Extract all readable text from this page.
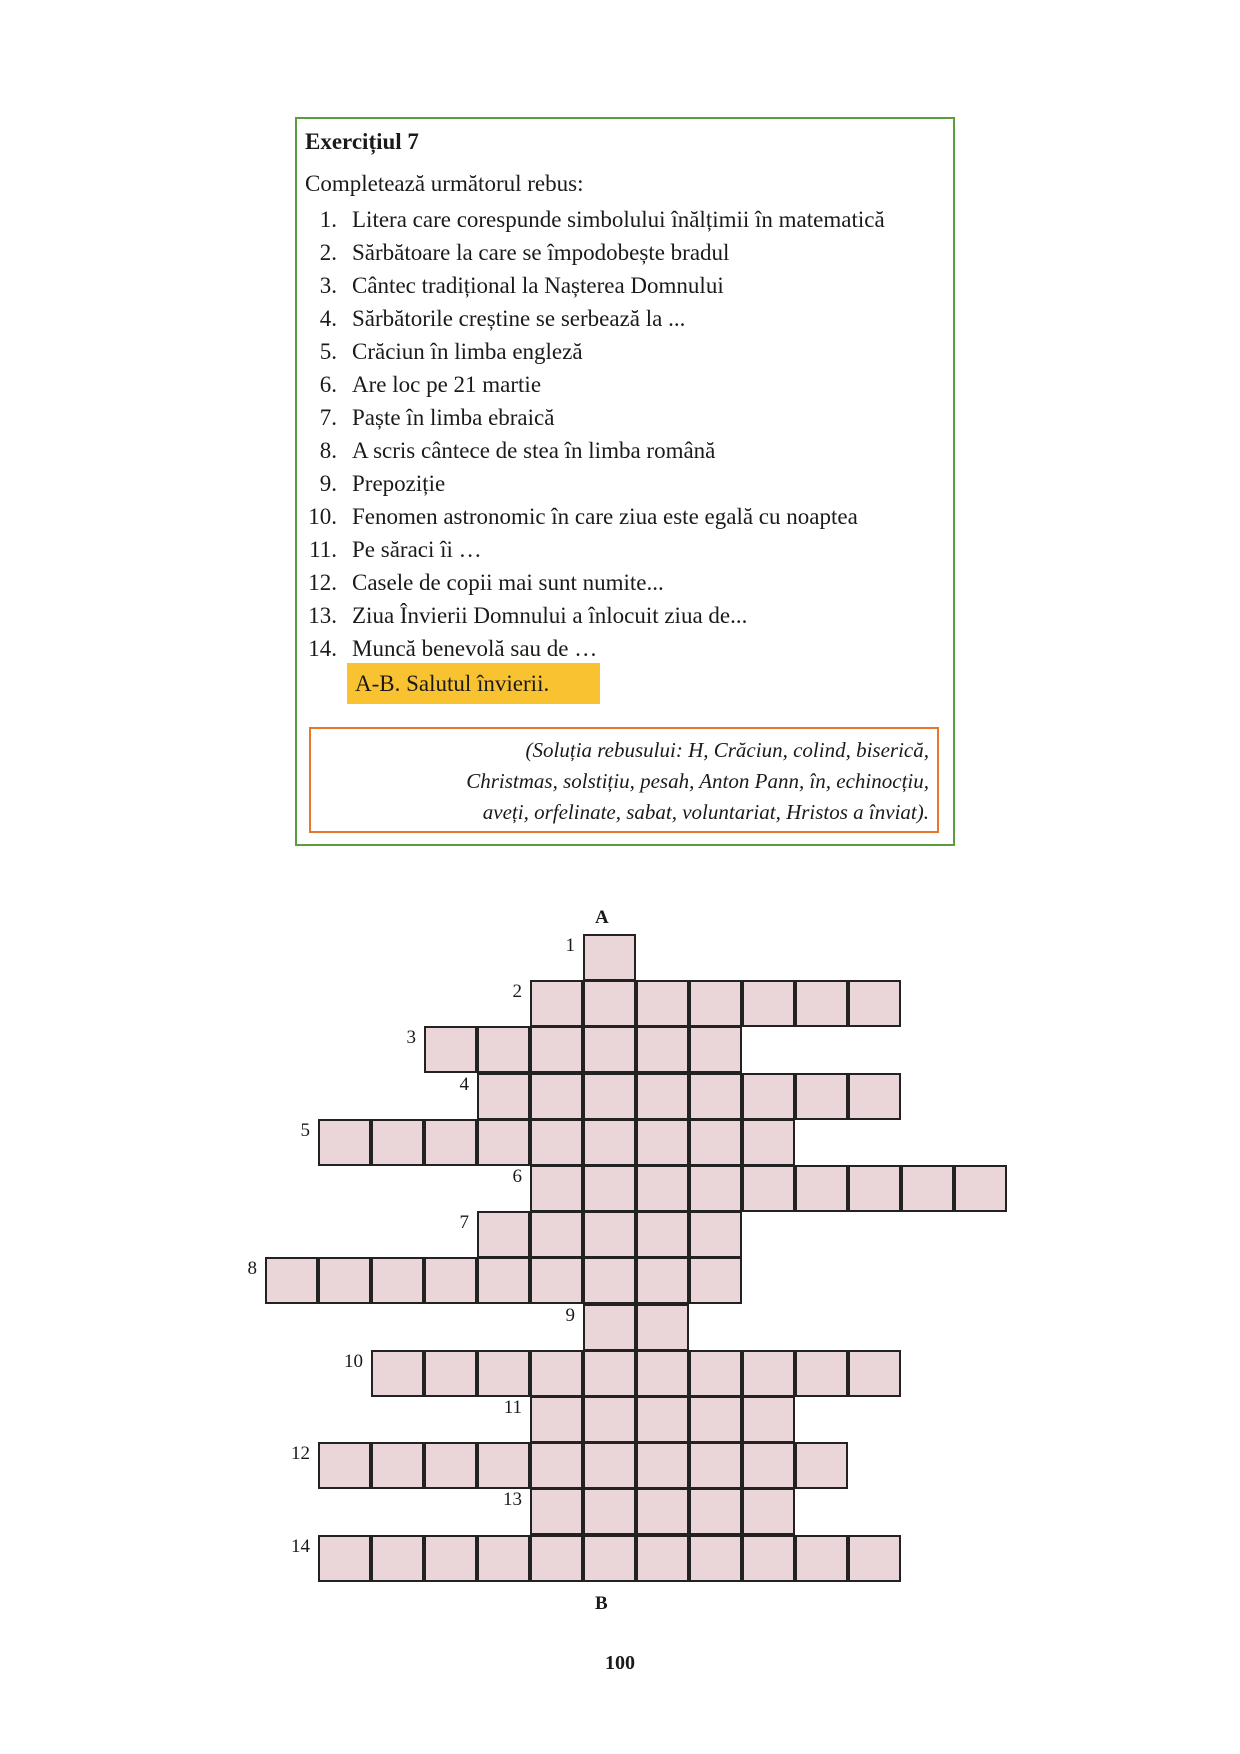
Exercițiul 7
Completează următorul rebus:
1. Litera care corespunde simbolului înălțimii în matematică
2. Sărbătoare la care se împodobește bradul
3. Cântec tradițional la Nașterea Domnului
4. Sărbătorile creștine se serbează la ...
5. Crăciun în limba engleză
6. Are loc pe 21 martie
7. Paște în limba ebraică
8. A scris cântece de stea în limba română
9. Prepoziție
10. Fenomen astronomic în care ziua este egală cu noaptea
11. Pe săraci îi …
12. Casele de copii mai sunt numite...
13. Ziua Învierii Domnului a înlocuit ziua de...
14. Muncă benevolă sau de …
A-B. Salutul învierii.
(Soluția rebusului: H, Crăciun, colind, biserică,
Christmas, solstițiu, pesah, Anton Pann, în, echinocțiu,
aveți, orfelinate, sabat, voluntariat, Hristos a înviat).
A
B
1
2
3
4
5
6
7
8
9
10
11
12
13
14
100
